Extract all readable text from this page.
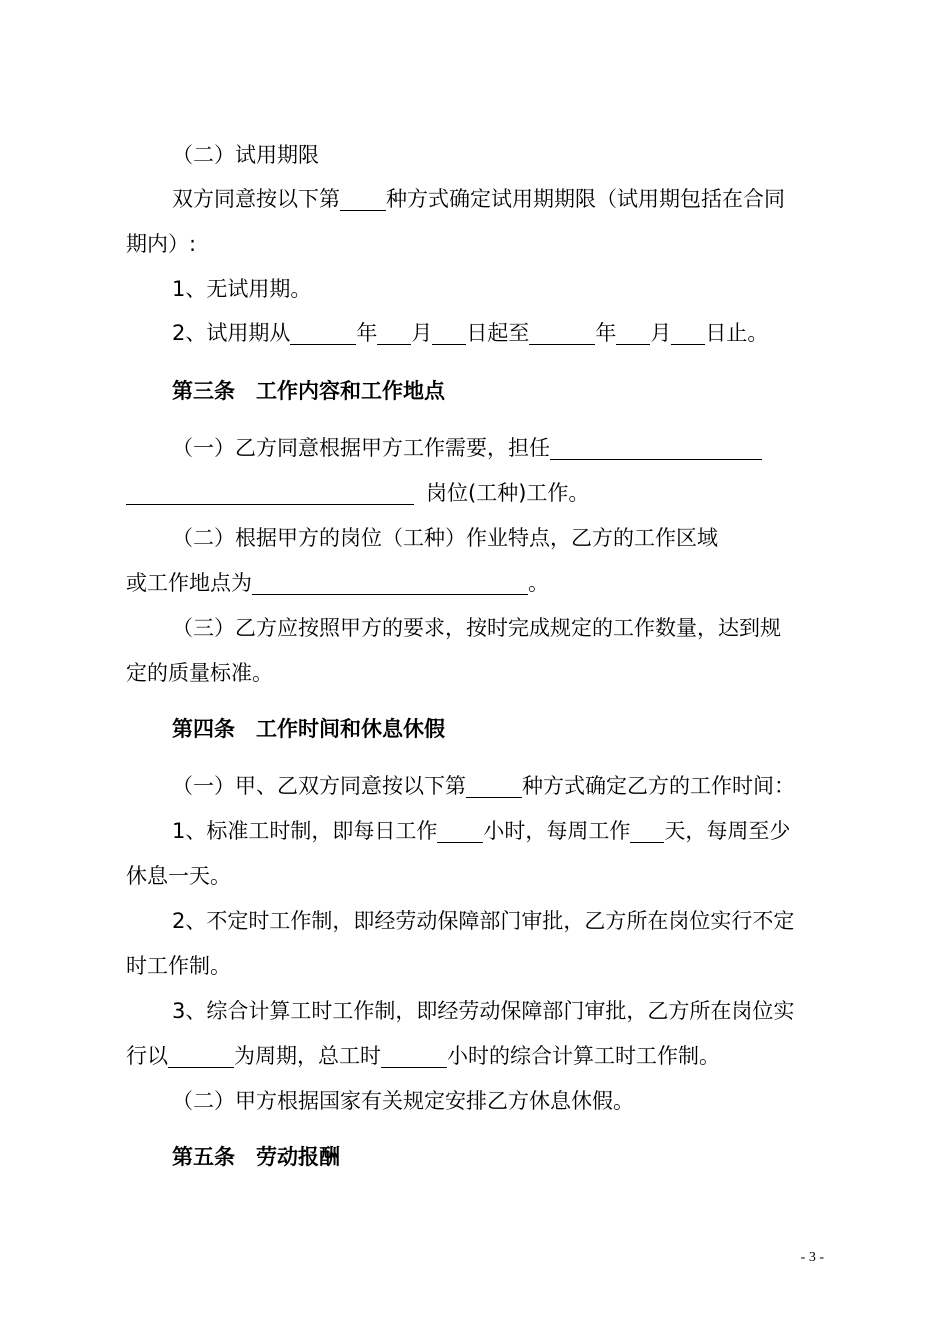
（二）试用期限
双方同意按以下第 种方式确定试用期期限（试用期包括在合同
期内）:
1、无试用期。
2、试用期从	年 月 日起至	年 月 日止。
第三条　工作内容和工作地点
（一）乙方同意根据甲方工作需要，担任
岗位(工种)工作。
（二）根据甲方的岗位（工种）作业特点，乙方的工作区域
或工作地点为	。
（三）乙方应按照甲方的要求，按时完成规定的工作数量，达到规
定的质量标准。
第四条　工作时间和休息休假
（一）甲、乙双方同意按以下第	种方式确定乙方的工作时间：
1、标准工时制，即每日工作 小时，每周工作 天，每周至少
休息一天。
2、不定时工作制，即经劳动保障部门审批，乙方所在岗位实行不定
时工作制。
3、综合计算工时工作制，即经劳动保障部门审批，乙方所在岗位实
行以	为周期，总工时	小时的综合计算工时工作制。
（二）甲方根据国家有关规定安排乙方休息休假。
第五条　劳动报酬
- 3 -
